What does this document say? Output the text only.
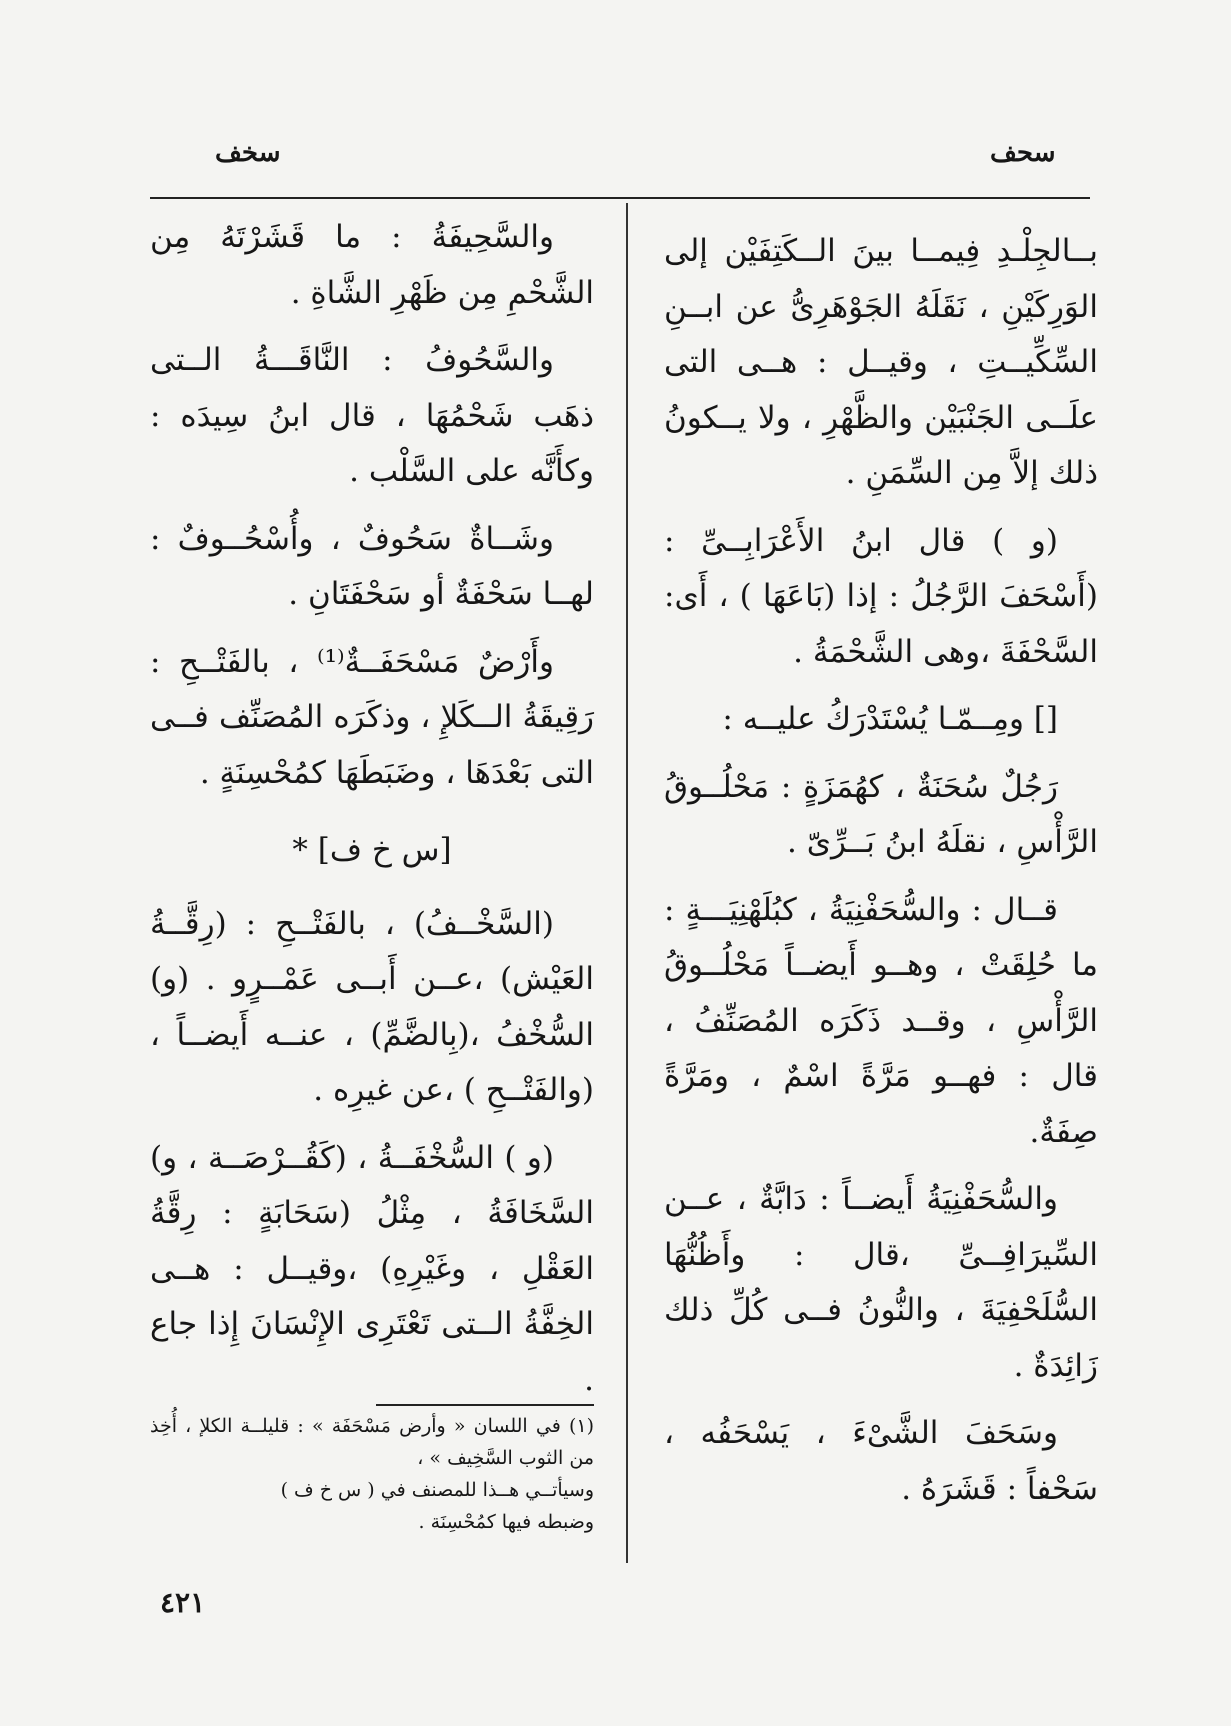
سخف	سحف

بــالجِلْـدِ فِيمــا بينَ الــكَتِفَيْن إلى الوَرِكَيْنِ ، نَقَلَهُ الجَوْهَرِىُّ عن ابــنِ السِّكِّيــتِ ، وقيــل : هــى التى علَــى الجَنْبَيْن والظَّهْرِ ، ولا يــكونُ ذلك إلاَّ مِن السِّمَنِ .

(و ) قال ابنُ الأَعْرَابِــىِّ : (أَسْحَفَ الرَّجُلُ : إذا (بَاعَهَا ) ، أَى: السَّحْفَةَ ،وهى الشَّحْمَةُ .

[] ومِــمّـا يُسْتَدْرَكُ عليــه :

رَجُلٌ سُحَنَةٌ ، كهُمَزَةٍ : مَحْلُــوقُ الرَّأْسِ ، نقلَهُ ابنُ بَــرِّىّ .

قــال : والسُّحَفْنِيَةُ ، كبُلَهْنِيَـــةٍ : ما حُلِقَتْ ، وهــو أَيضــاً مَحْلُــوقُ الرَّأْسِ ، وقــد ذَكَرَه المُصَنِّفُ ، قال : فهــو مَرَّةً اسْمٌ ، ومَرَّةً صِفَةٌ.

والسُّحَفْنِيَةُ أَيضــاً : دَابَّةٌ ، عــن السِّيرَافِــىِّ ،قال : وأَظُنُّهَا السُّلَحْفِيَةَ ، والنُّونُ فــى كُلِّ ذلك زَائِدَةٌ .

وسَحَفَ الشَّىْءَ ، يَسْحَفُه ، سَحْفاً : قَشَرَهُ .

والسَّحِيفَةُ : ما قَشَرْتَهُ مِن الشَّحْمِ مِن ظَهْرِ الشَّاةِ .

والسَّحُوفُ : النَّاقَـــةُ الــتى ذهَب شَحْمُهَا ، قال ابنُ سِيدَه : وكأَنَّه على السَّلْب .

وشَــاةٌ سَحُوفٌ ، وأُسْحُــوفٌ : لهــا سَحْفَةٌ أو سَحْفَتَانِ .

وأَرْضٌ مَسْحَفَــةٌ⁽¹⁾ ، بالفَتْــحِ : رَقِيقَةُ الــكَلإِ ، وذكَرَه المُصَنِّف فــى التى بَعْدَهَا ، وضَبَطَهَا كمُحْسِنَةٍ .

[س خ ف] *

(السَّخْــفُ) ، بالفَتْــحِ : (رِقَّــةُ العَيْش) ،عــن أَبــى عَمْــرٍو . (و) السُّخْفُ ،(بِالضَّمِّ) ، عنــه أَيضــاً ، (والفَتْــحِ ) ،عن غيرِه .

(و ) السُّخْفَــةُ ، (كَقُــرْصَــة ، و) السَّخَافَةُ ، مِثْلُ (سَحَابَةٍ : رِقَّةُ العَقْلِ ، وغَيْرِهِ) ،وقيــل : هــى الخِفَّةُ الــتى تَعْتَرِى الإِنْسَانَ إِذا جاع .

(١) في اللسان « وأرض مَسْحَفَة » : قليلــة الكلإ ، أُخِذ من الثوب السَّخِيف » ،

وسيأتــي هــذا للمصنف في ( س خ ف )

وضبطه فيها كمُحْسِنَة .

٤٢١
